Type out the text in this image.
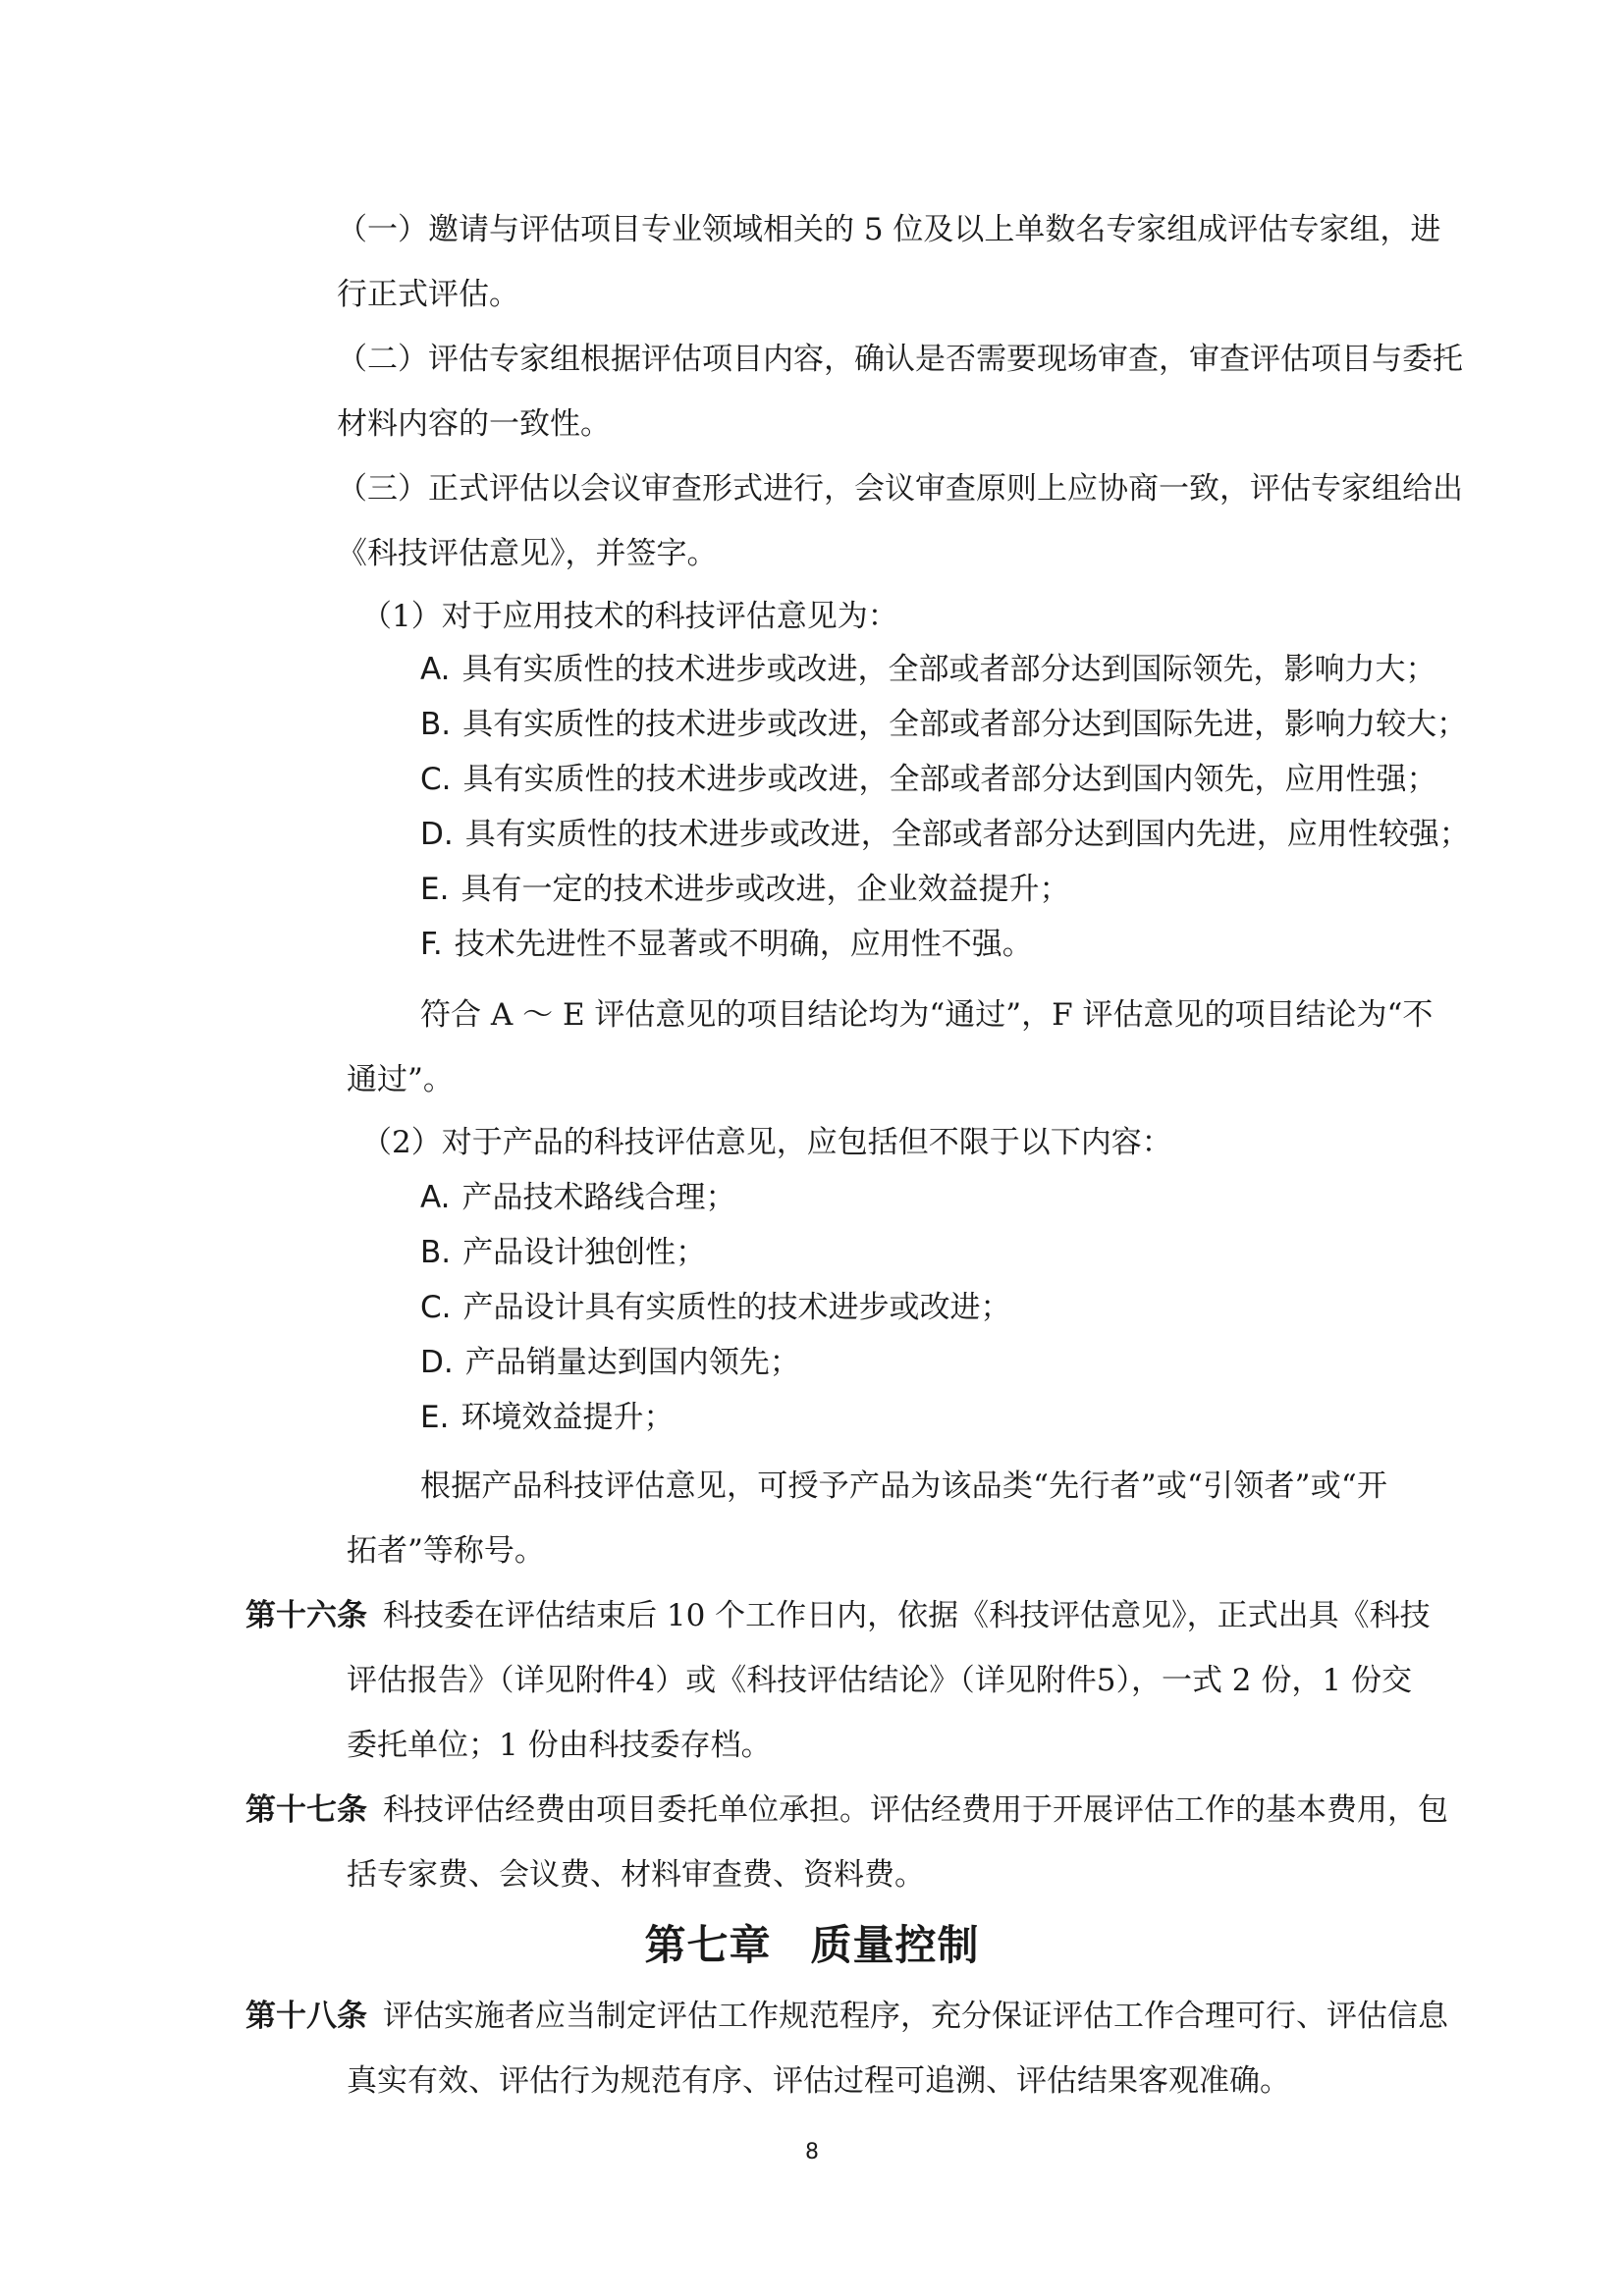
（一）邀请与评估项目专业领域相关的 5 位及以上单数名专家组成评估专家组，进
行正式评估。
（二）评估专家组根据评估项目内容，确认是否需要现场审查，审查评估项目与委托
材料内容的一致性。
（三）正式评估以会议审查形式进行，会议审查原则上应协商一致，评估专家组给出
《科技评估意见》，并签字。
（1）对于应用技术的科技评估意见为：
A. 具有实质性的技术进步或改进，全部或者部分达到国际领先，影响力大；
B. 具有实质性的技术进步或改进，全部或者部分达到国际先进，影响力较大；
C. 具有实质性的技术进步或改进，全部或者部分达到国内领先，应用性强；
D. 具有实质性的技术进步或改进，全部或者部分达到国内先进，应用性较强；
E. 具有一定的技术进步或改进，企业效益提升；
F. 技术先进性不显著或不明确，应用性不强。
符合 A ～ E 评估意见的项目结论均为“通过”，F 评估意见的项目结论为“不
通过”。
（2）对于产品的科技评估意见，应包括但不限于以下内容：
A. 产品技术路线合理；
B. 产品设计独创性；
C. 产品设计具有实质性的技术进步或改进；
D. 产品销量达到国内领先；
E. 环境效益提升；
根据产品科技评估意见，可授予产品为该品类“先行者”或“引领者”或“开
拓者”等称号。
第十六条 科技委在评估结束后 10 个工作日内，依据《科技评估意见》，正式出具《科技
评估报告》（详见附件4）或《科技评估结论》（详见附件5），一式 2 份，1 份交
委托单位；1 份由科技委存档。
第十七条 科技评估经费由项目委托单位承担。评估经费用于开展评估工作的基本费用，包
括专家费、会议费、材料审查费、资料费。
第七章 质量控制
第十八条 评估实施者应当制定评估工作规范程序，充分保证评估工作合理可行、评估信息
真实有效、评估行为规范有序、评估过程可追溯、评估结果客观准确。
8
